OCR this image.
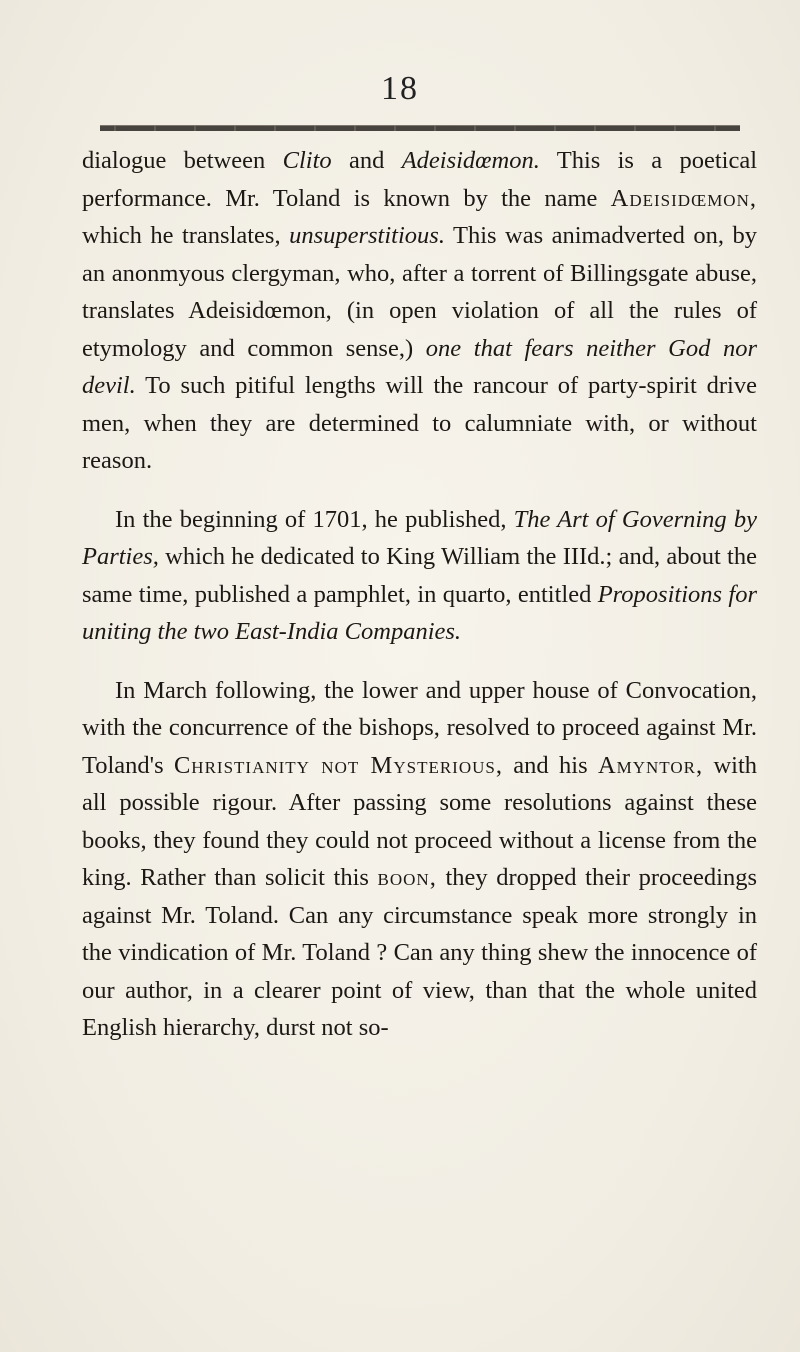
18

dialogue between Clito and Adeisidœmon. This is a poetical performance. Mr. Toland is known by the name Adeisidœmon, which he translates, unsuperstitious. This was animadverted on, by an anonmyous clergyman, who, after a torrent of Billingsgate abuse, translates Adeisidœmon, (in open violation of all the rules of etymology and common sense,) one that fears neither God nor devil. To such pitiful lengths will the rancour of party-spirit drive men, when they are determined to calumniate with, or without reason.

In the beginning of 1701, he published, The Art of Governing by Parties, which he dedicated to King William the IIId.; and, about the same time, published a pamphlet, in quarto, entitled Propositions for uniting the two East-India Companies.

In March following, the lower and upper house of Convocation, with the concurrence of the bishops, resolved to proceed against Mr. Toland's Christianity not Mysterious, and his Amyntor, with all possible rigour. After passing some resolutions against these books, they found they could not proceed without a license from the king. Rather than solicit this boon, they dropped their proceedings against Mr. Toland. Can any circumstance speak more strongly in the vindication of Mr. Toland ? Can any thing shew the innocence of our author, in a clearer point of view, than that the whole united English hierarchy, durst not so-
